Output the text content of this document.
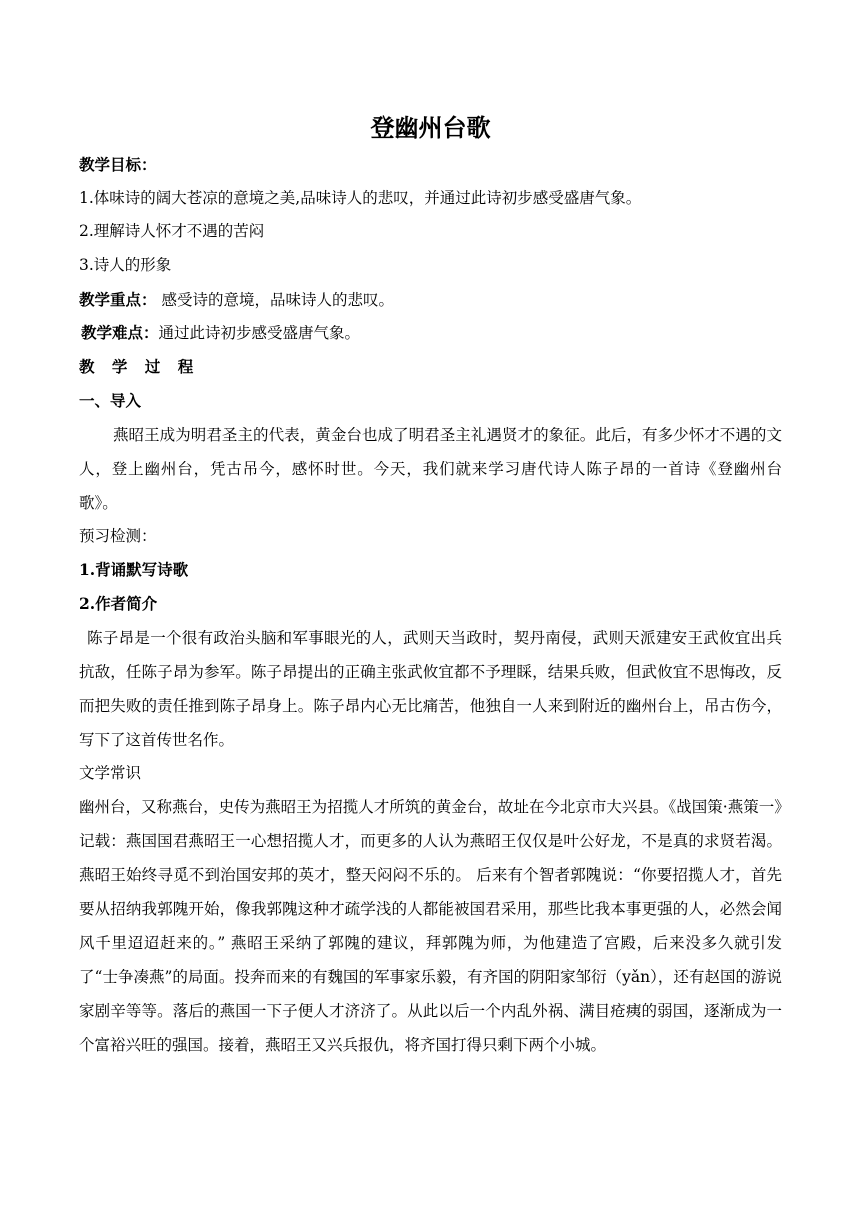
登幽州台歌

教学目标：

1.体味诗的阔大苍凉的意境之美,品味诗人的悲叹，并通过此诗初步感受盛唐气象。

2.理解诗人怀才不遇的苦闷

3.诗人的形象

教学重点： 感受诗的意境，品味诗人的悲叹。

教学难点：通过此诗初步感受盛唐气象。

教 学 过 程

一、导入

燕昭王成为明君圣主的代表，黄金台也成了明君圣主礼遇贤才的象征。此后，有多少怀才不遇的文人，登上幽州台，凭古吊今，感怀时世。今天，我们就来学习唐代诗人陈子昂的一首诗《登幽州台歌》。

预习检测：

1.背诵默写诗歌

2.作者简介

陈子昂是一个很有政治头脑和军事眼光的人，武则天当政时，契丹南侵，武则天派建安王武攸宜出兵抗敌，任陈子昂为参军。陈子昂提出的正确主张武攸宜都不予理睬，结果兵败，但武攸宜不思悔改，反而把失败的责任推到陈子昂身上。陈子昂内心无比痛苦，他独自一人来到附近的幽州台上，吊古伤今，写下了这首传世名作。

文学常识

幽州台，又称燕台，史传为燕昭王为招揽人才所筑的黄金台，故址在今北京市大兴县。《战国策·燕策一》记载：燕国国君燕昭王一心想招揽人才，而更多的人认为燕昭王仅仅是叶公好龙，不是真的求贤若渴。燕昭王始终寻觅不到治国安邦的英才，整天闷闷不乐的。 后来有个智者郭隗说：“你要招揽人才，首先要从招纳我郭隗开始，像我郭隗这种才疏学浅的人都能被国君采用，那些比我本事更强的人，必然会闻风千里迢迢赶来的。” 燕昭王采纳了郭隗的建议，拜郭隗为师，为他建造了宫殿，后来没多久就引发了“士争凑燕”的局面。投奔而来的有魏国的军事家乐毅，有齐国的阴阳家邹衍（yǎn），还有赵国的游说家剧辛等等。落后的燕国一下子便人才济济了。从此以后一个内乱外祸、满目疮痍的弱国，逐渐成为一个富裕兴旺的强国。接着，燕昭王又兴兵报仇，将齐国打得只剩下两个小城。
